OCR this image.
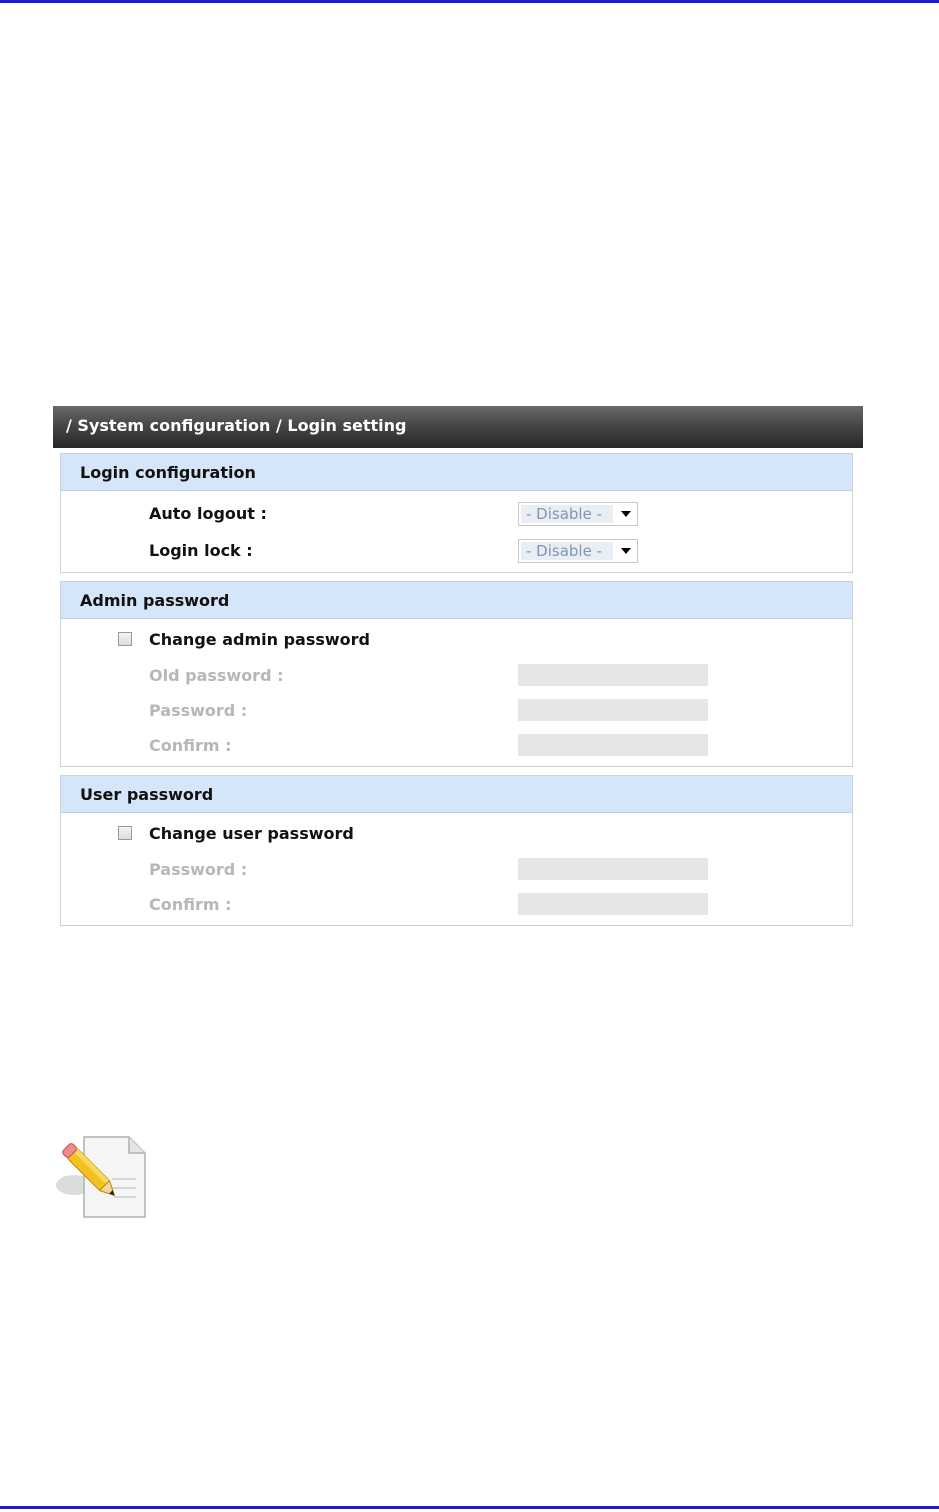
/ System configuration / Login setting
Login configuration
Auto logout :	- Disable -
Login lock :	- Disable -
Admin password
Change admin password
Old password :
Password :
Confirm :
User password
Change user password
Password :
Confirm :
